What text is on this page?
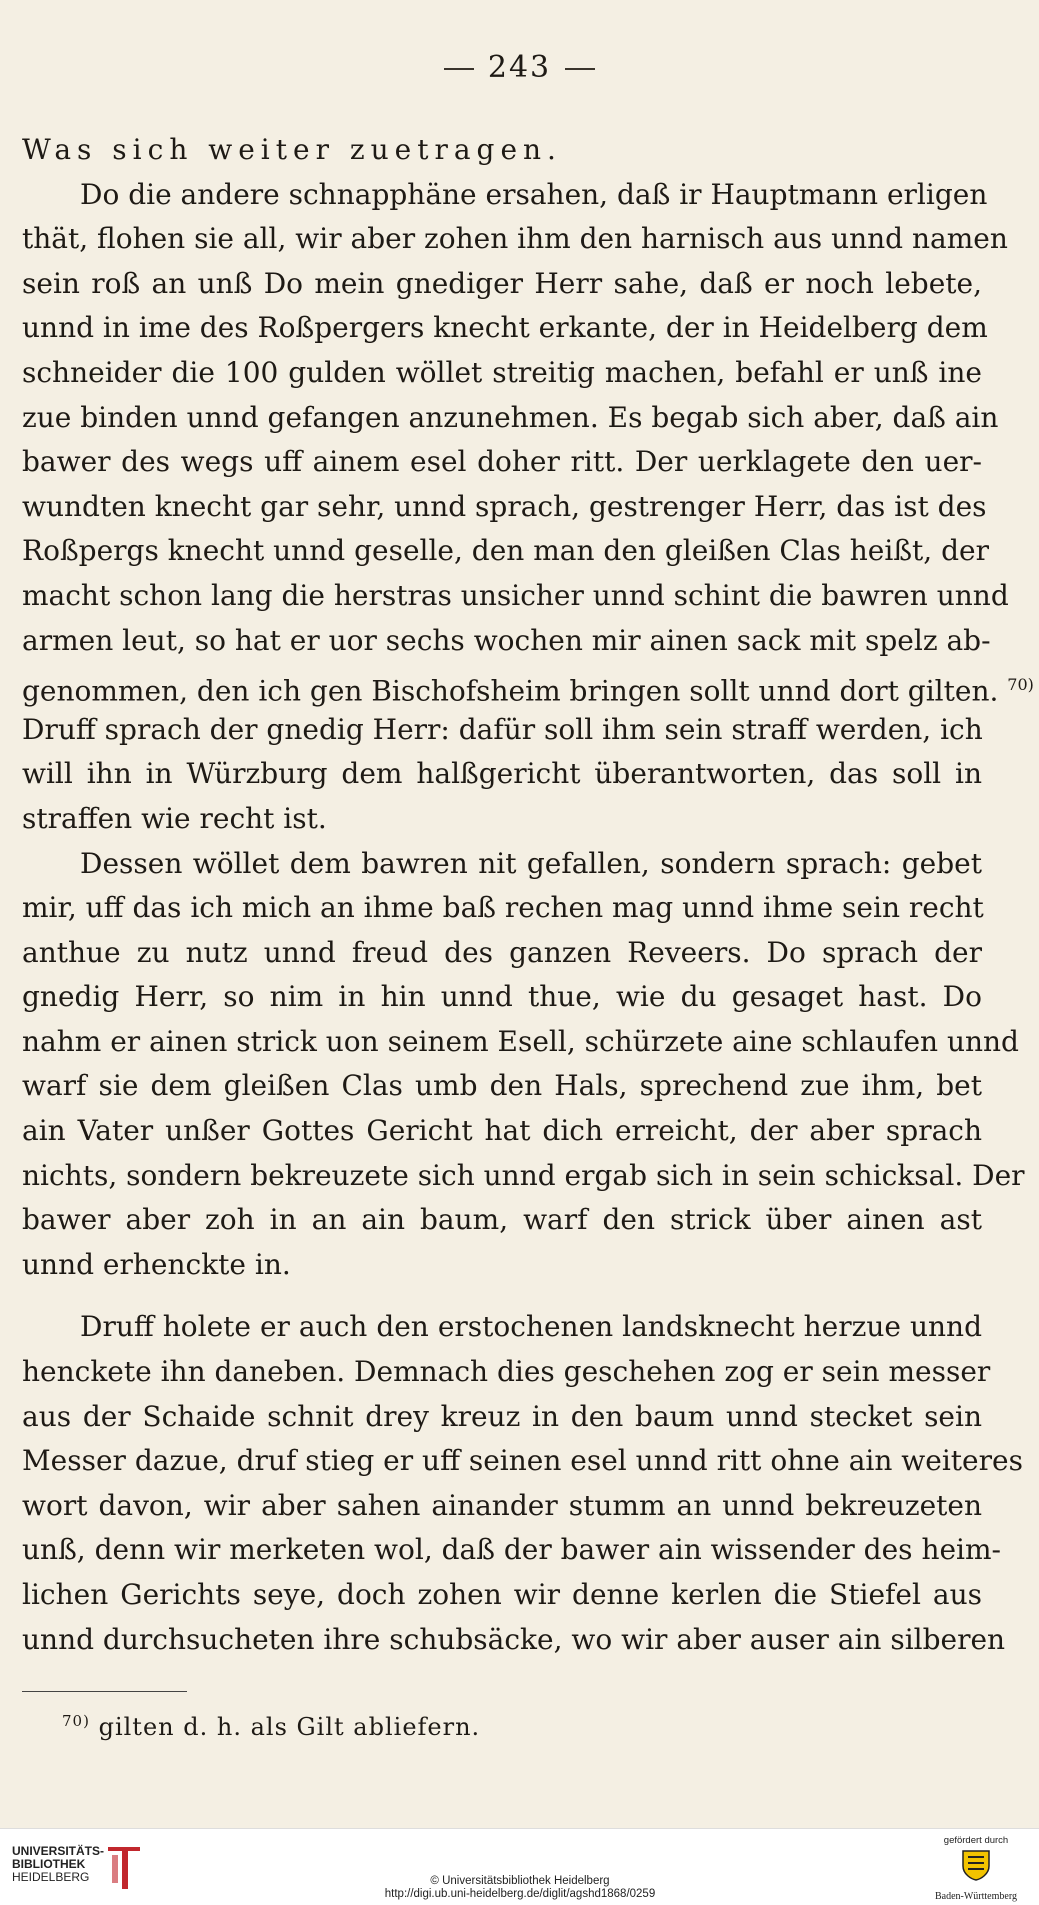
243
Was sich weiter zuetragen.
Do die andere schnapphäne ersahen, daß ir Hauptmann erligen
thät, flohen sie all, wir aber zohen ihm den harnisch aus unnd namen
sein roß an unß Do mein gnediger Herr sahe, daß er noch lebete,
unnd in ime des Roßpergers knecht erkante, der in Heidelberg dem
schneider die 100 gulden wöllet streitig machen, befahl er unß ine
zue binden unnd gefangen anzunehmen. Es begab sich aber, daß ain
bawer des wegs uff ainem esel doher ritt. Der uerklagete den uer-
wundten knecht gar sehr, unnd sprach, gestrenger Herr, das ist des
Roßpergs knecht unnd geselle, den man den gleißen Clas heißt, der
macht schon lang die herstras unsicher unnd schint die bawren unnd
armen leut, so hat er uor sechs wochen mir ainen sack mit spelz ab-
genommen, den ich gen Bischofsheim bringen sollt unnd dort gilten. $^{70)}$
Druff sprach der gnedig Herr: dafür soll ihm sein straff werden, ich
will ihn in Würzburg dem halßgericht überantworten, das soll in
straffen wie recht ist.
Dessen wöllet dem bawren nit gefallen, sondern sprach: gebet
mir, uff das ich mich an ihme baß rechen mag unnd ihme sein recht
anthue zu nutz unnd freud des ganzen Reveers. Do sprach der
gnedig Herr, so nim in hin unnd thue, wie du gesaget hast. Do
nahm er ainen strick uon seinem Esell, schürzete aine schlaufen unnd
warf sie dem gleißen Clas umb den Hals, sprechend zue ihm, bet
ain Vater unßer Gottes Gericht hat dich erreicht, der aber sprach
nichts, sondern bekreuzete sich unnd ergab sich in sein schicksal. Der
bawer aber zoh in an ain baum, warf den strick über ainen ast
unnd erhenckte in.
Druff holete er auch den erstochenen landsknecht herzue unnd
henckete ihn daneben. Demnach dies geschehen zog er sein messer
aus der Schaide schnit drey kreuz in den baum unnd stecket sein
Messer dazue, druf stieg er uff seinen esel unnd ritt ohne ain weiteres
wort davon, wir aber sahen ainander stumm an unnd bekreuzeten
unß, denn wir merketen wol, daß der bawer ain wissender des heim-
lichen Gerichts seye, doch zohen wir denne kerlen die Stiefel aus
unnd durchsucheten ihre schubsäcke, wo wir aber auser ain silberen
$^{70)}$ gilten d. h. als Gilt abliefern.
UNIVERSITÄTS-
BIBLIOTHEK
HEIDELBERG	© Universitätsbibliothek Heidelberg
http://digi.ub.uni-heidelberg.de/diglit/agshd1868/0259
gefördert durch
Baden-Württemberg
